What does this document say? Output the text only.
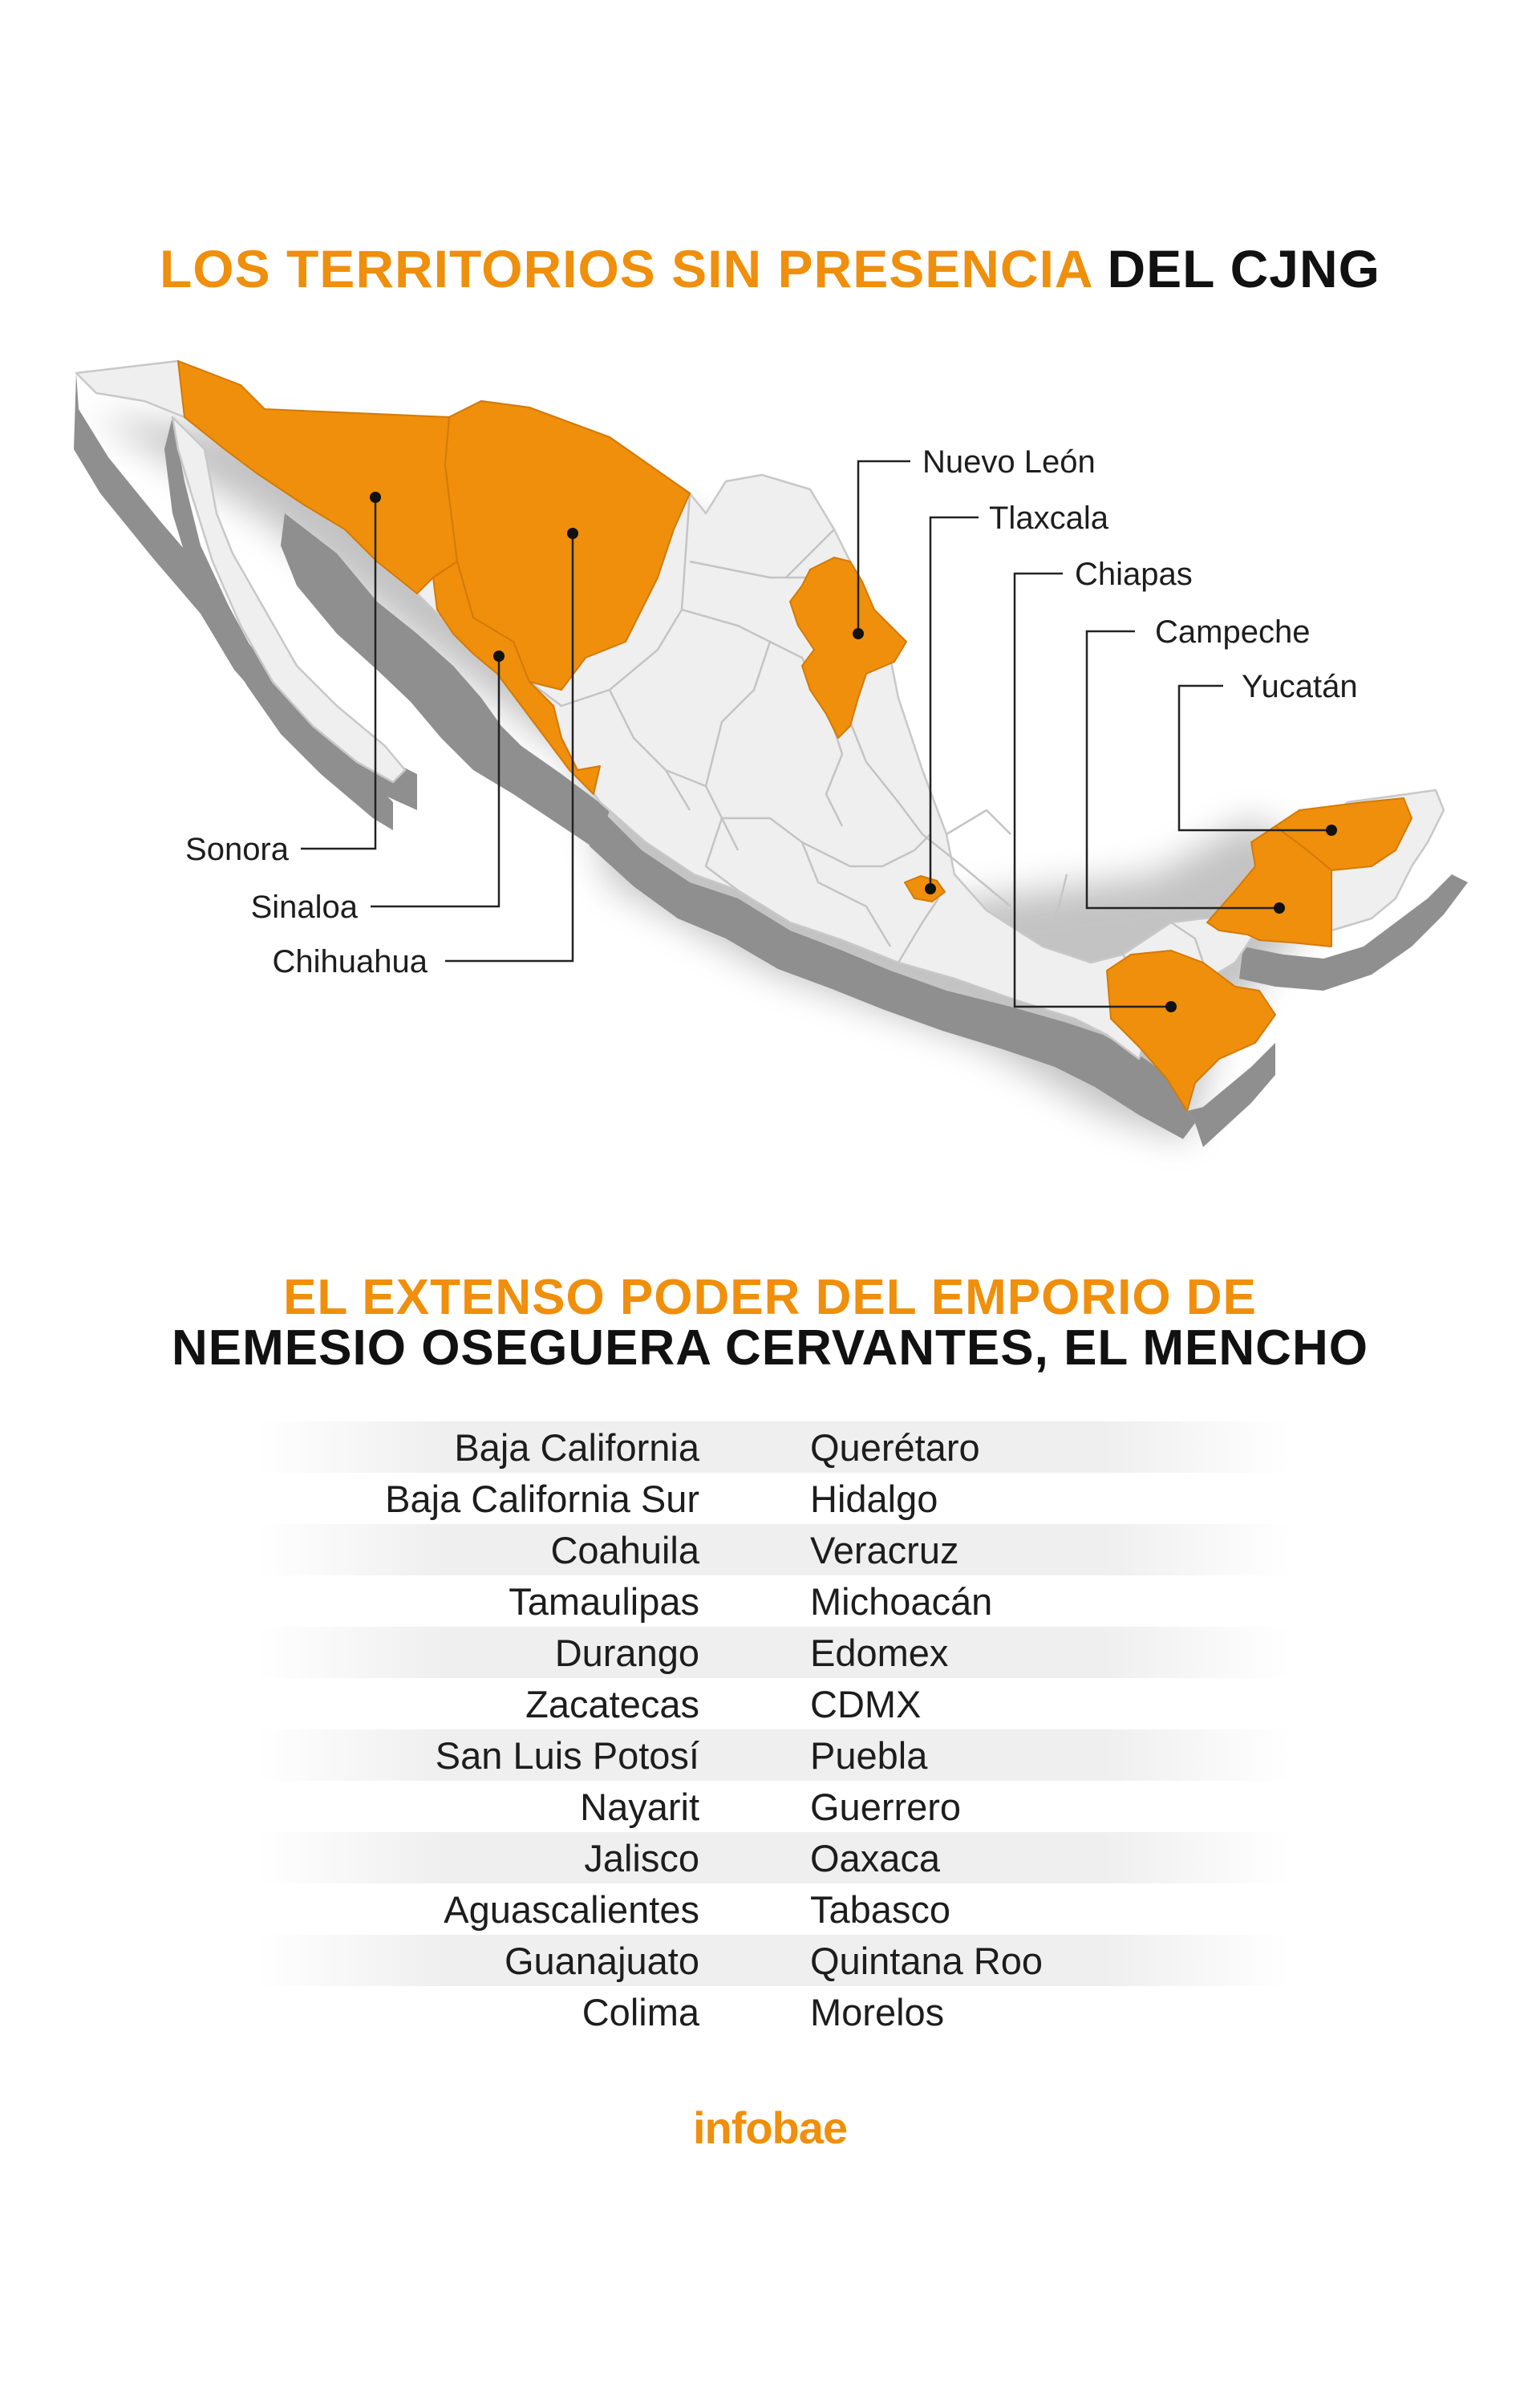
LOS TERRITORIOS SIN PRESENCIA DEL CJNG
Sonora
Sinaloa
Chihuahua
Nuevo León
Tlaxcala
Chiapas
Campeche
Yucatán
EL EXTENSO PODER DEL EMPORIO DE
NEMESIO OSEGUERA CERVANTES, EL MENCHO
Baja California	Querétaro
Baja California Sur	Hidalgo
Coahuila	Veracruz
Tamaulipas	Michoacán
Durango	Edomex
Zacatecas	CDMX
San Luis Potosí	Puebla
Nayarit	Guerrero
Jalisco	Oaxaca
Aguascalientes	Tabasco
Guanajuato	Quintana Roo
Colima	Morelos
infobae
